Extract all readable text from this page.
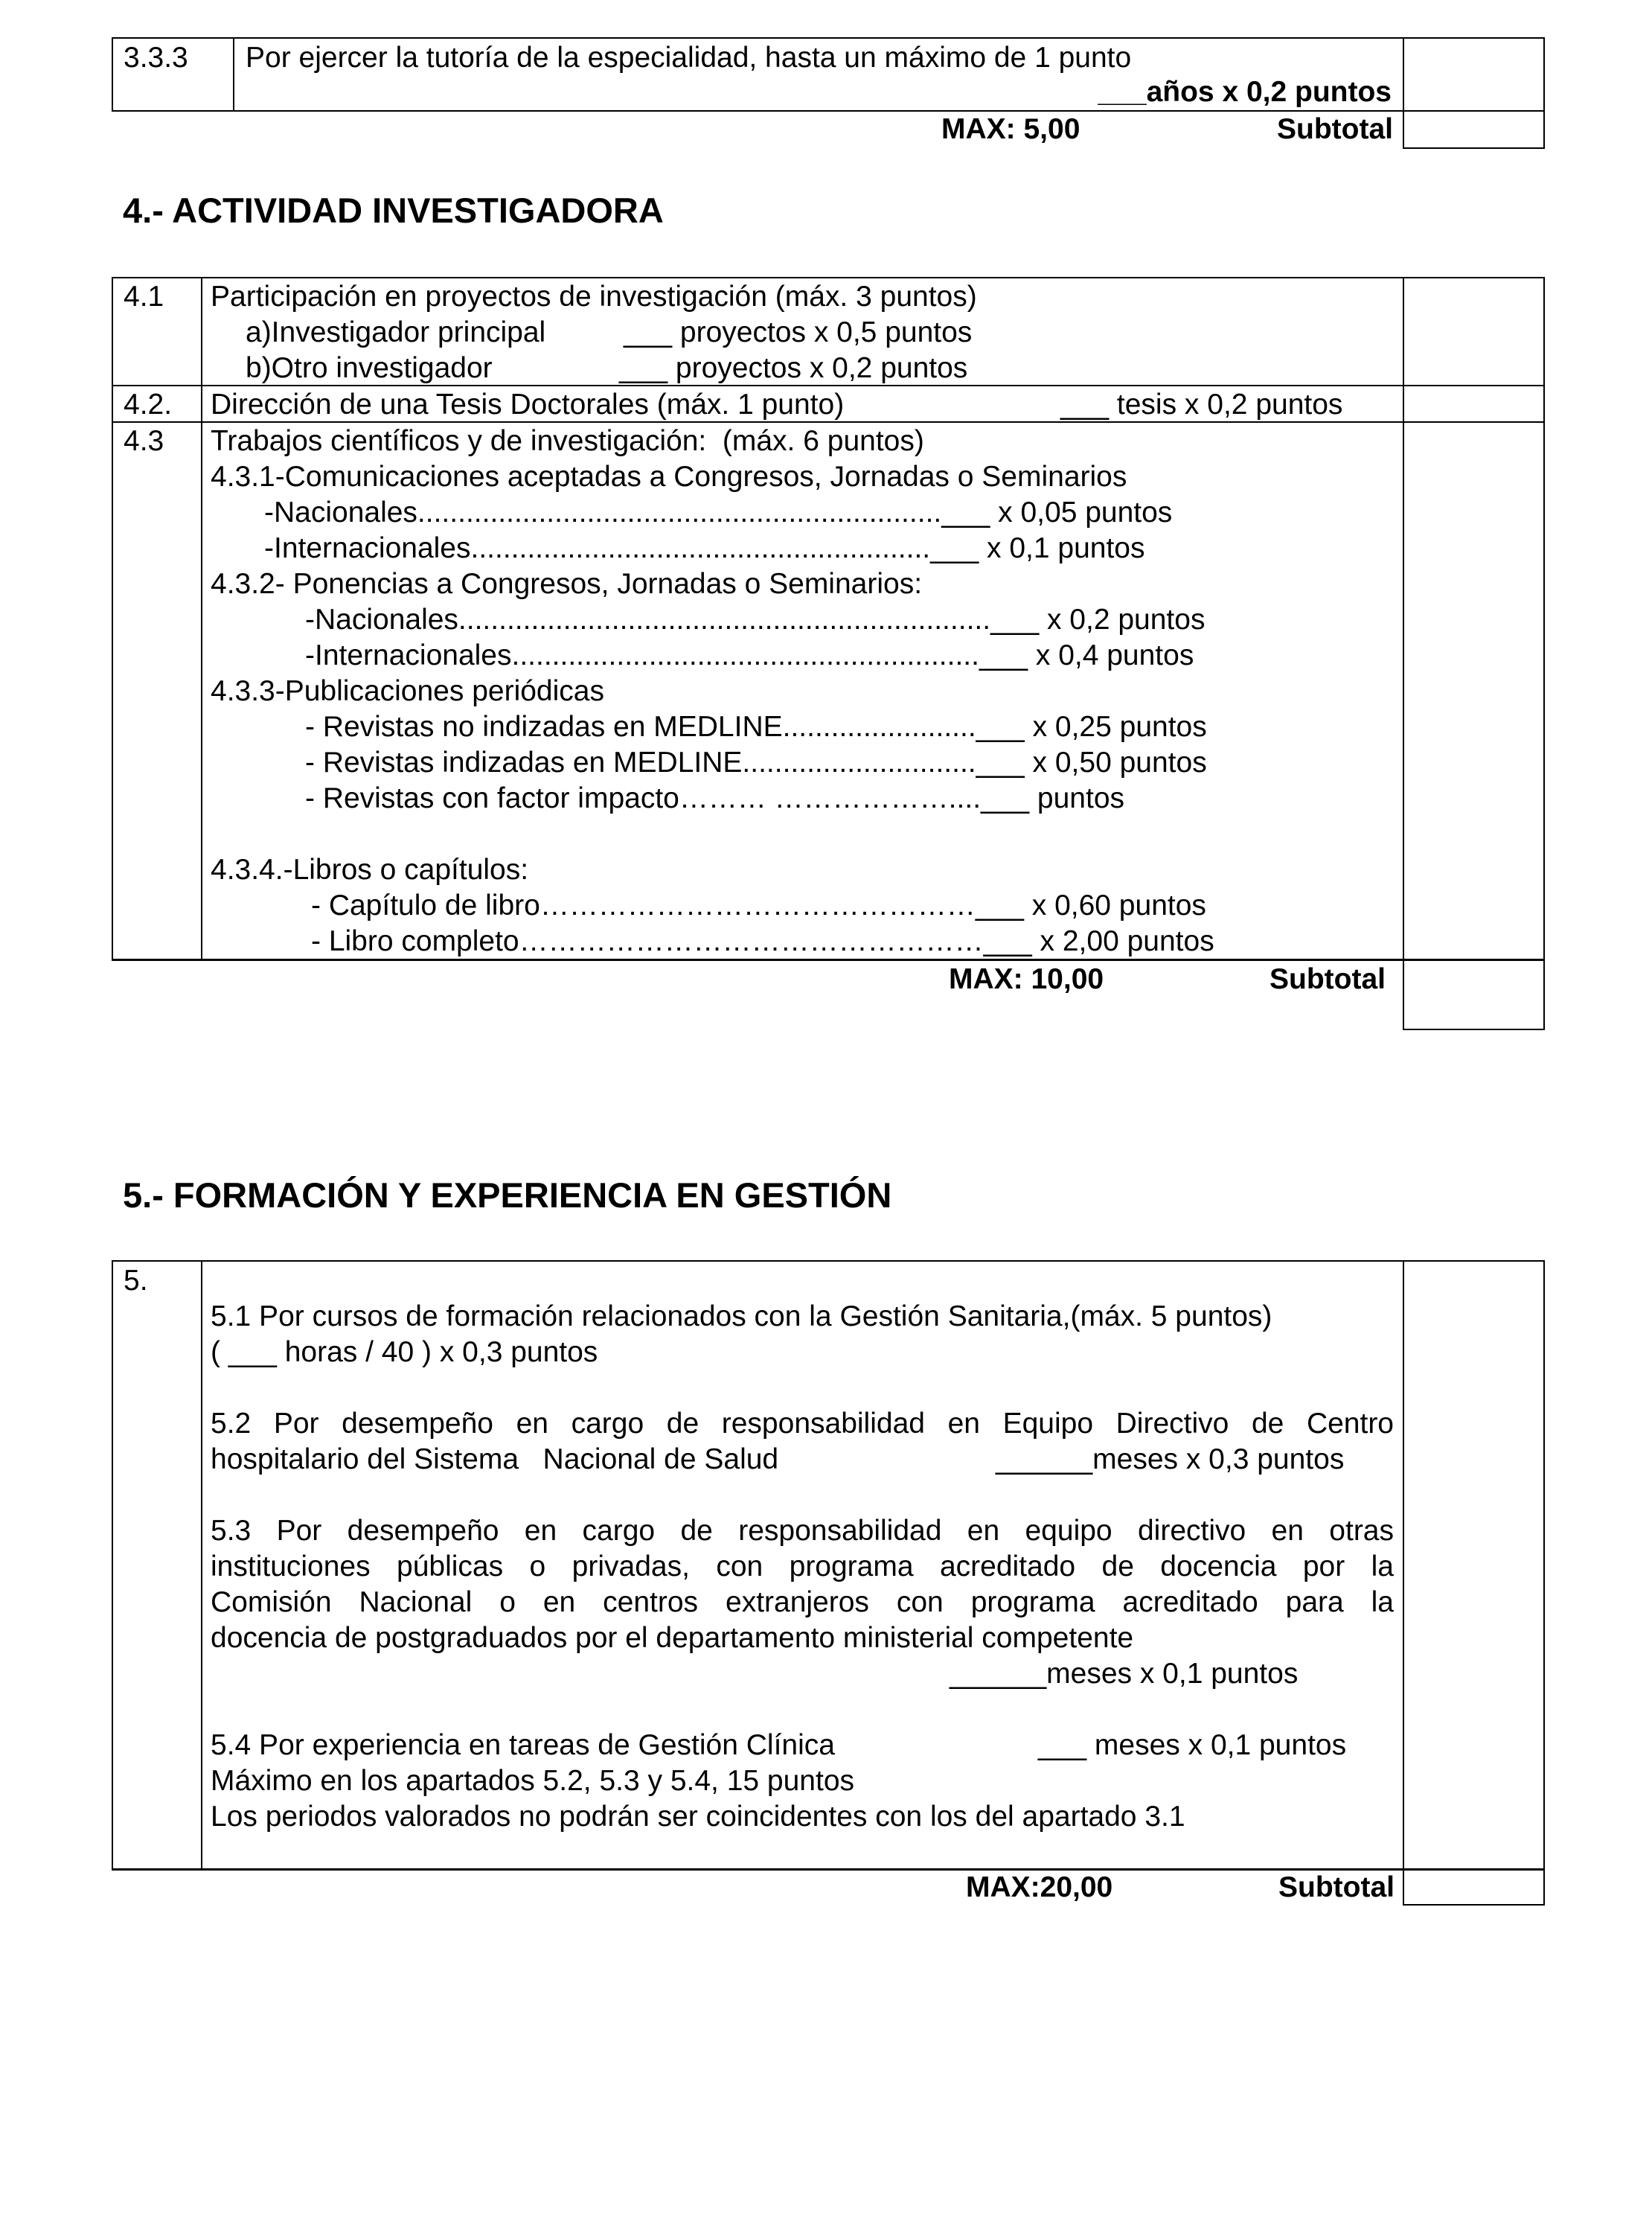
3.3.3 Por ejercer la tutoría de la especialidad, hasta un máximo de 1 punto
___años x 0,2 puntos
MAX: 5,00	Subtotal
4.- ACTIVIDAD INVESTIGADORA
4.1 Participación en proyectos de investigación (máx. 3 puntos)
a)Investigador principal	___ proyectos x 0,5 puntos
b)Otro investigador	___ proyectos x 0,2 puntos
4.2. Dirección de una Tesis Doctorales (máx. 1 punto)	___ tesis x 0,2 puntos
4.3 Trabajos científicos y de investigación:  (máx. 6 puntos)
4.3.1-Comunicaciones aceptadas a Congresos, Jornadas o Seminarios
-Nacionales.................................................................___ x 0,05 puntos
-Internacionales.........................................................___ x 0,1 puntos
4.3.2- Ponencias a Congresos, Jornadas o Seminarios:
-Nacionales..................................................................___ x 0,2 puntos
-Internacionales..........................................................___ x 0,4 puntos
4.3.3-Publicaciones periódicas
- Revistas no indizadas en MEDLINE........................___ x 0,25 puntos
- Revistas indizadas en MEDLINE.............................___ x 0,50 puntos
- Revistas con factor impacto……… ………………....___ puntos
4.3.4.-Libros o capítulos:
- Capítulo de libro………………………………………___ x 0,60 puntos
- Libro completo…………………………………………___ x 2,00 puntos
MAX: 10,00	Subtotal
5.- FORMACIÓN Y EXPERIENCIA EN GESTIÓN
5.
5.1 Por cursos de formación relacionados con la Gestión Sanitaria,(máx. 5 puntos)
( ___ horas / 40 ) x 0,3 puntos
5.2 Por desempeño en cargo de responsabilidad en Equipo Directivo de Centro
hospitalario del Sistema   Nacional de Salud	______meses x 0,3 puntos
5.3 Por desempeño en cargo de responsabilidad en equipo directivo en otras
instituciones públicas o privadas, con programa acreditado de docencia por la
Comisión Nacional o en centros extranjeros con programa acreditado para la
docencia de postgraduados por el departamento ministerial competente
______meses x 0,1 puntos
5.4 Por experiencia en tareas de Gestión Clínica	___ meses x 0,1 puntos
Máximo en los apartados 5.2, 5.3 y 5.4, 15 puntos
Los periodos valorados no podrán ser coincidentes con los del apartado 3.1
MAX:20,00	Subtotal
